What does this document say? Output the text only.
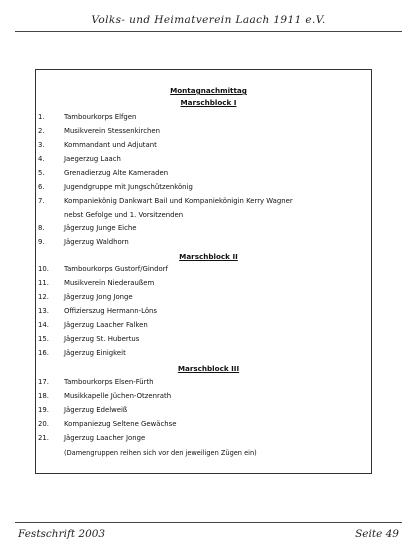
Volks- und Heimatverein Laach 1911 e.V.
Montagnachmittag
Marschblock I
1.	Tambourkorps Elfgen
2.	Musikverein Stessenkirchen
3.	Kommandant und Adjutant
4.	Jaegerzug Laach
5.	Grenadierzug Alte Kameraden
6.	Jugendgruppe mit Jungschützenkönig
7.	Kompaniekönig Dankwart Bail und Kompaniekönigin Kerry Wagner
nebst Gefolge und 1. Vorsitzenden
8.	Jägerzug Junge Eiche
9.	Jägerzug Waldhorn
Marschblock II
10. Tambourkorps Gustorf/Gindorf
11. Musikverein Niederaußem
12. Jägerzug Jong Jonge
13. Offizierszug Hermann-Löns
14. Jägerzug Laacher Falken
15. Jägerzug St. Hubertus
16. Jägerzug Einigkeit
Marschblock III
17. Tambourkorps Elsen-Fürth
18. Musikkapelle Jüchen-Otzenrath
19. Jägerzug Edelweiß
20. Kompaniezug Seltene Gewächse
21. Jägerzug Laacher Jonge
(Damengruppen reihen sich vor den jeweiligen Zügen ein)
Festschrift 2003	Seite 49
